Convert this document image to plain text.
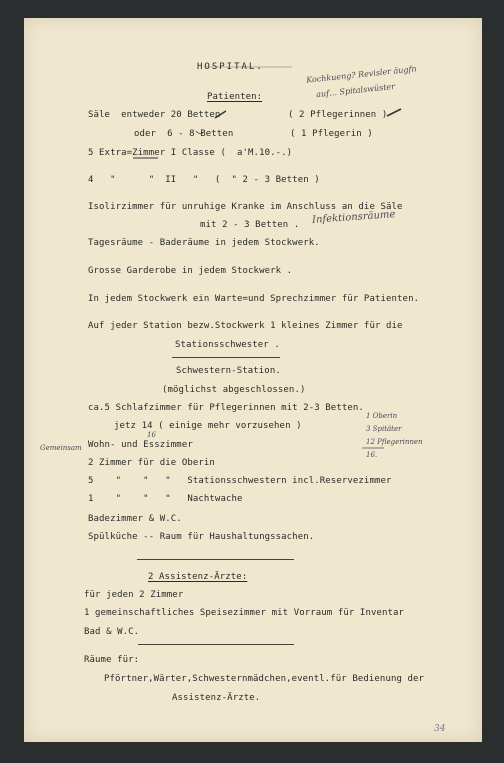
HOSPITAL.
Patienten:
Säle  entweder 20 Betten	( 2 Pflegerinnen )
oder  6 - 8 Betten	( 1 Pflegerin )
5 Extra=Zimmer I Classe (  a'M.10.-.)
4   "      "  II   "   (  " 2 - 3 Betten )
Isolirzimmer für unruhige Kranke im Anschluss an die Säle
mit 2 - 3 Betten .
Tagesräume - Baderäume in jedem Stockwerk.
Grosse Garderobe in jedem Stockwerk .
In jedem Stockwerk ein Warte=und Sprechzimmer für Patienten.
Auf jeder Station bezw.Stockwerk 1 kleines Zimmer für die
Stationsschwester .
Schwestern-Station.
(möglichst abgeschlossen.)
ca.5 Schlafzimmer für Pflegerinnen mit 2-3 Betten.
jetz 14 ( einige mehr vorzusehen )
Wohn- und Esszimmer
2 Zimmer für die Oberin
5    "    "   "   Stationsschwestern incl.Reservezimmer
1    "    "   "   Nachtwache
Badezimmer & W.C.
Spülküche -- Raum für Haushaltungssachen.
2 Assistenz-Ärzte:
für jeden 2 Zimmer
1 gemeinschaftliches Speisezimmer mit Vorraum für Inventar
Bad & W.C.
Räume für:
Pförtner,Wärter,Schwesternmädchen,eventl.für Bedienung der
Assistenz-Ärzte.
Kochkueng? Revisler äugfn
auf… Spitalswüster
Infektionsräume
Gemeinsam
16
1 Oberin
3 Spitäter
12 Pflegerinnen
16.
34
